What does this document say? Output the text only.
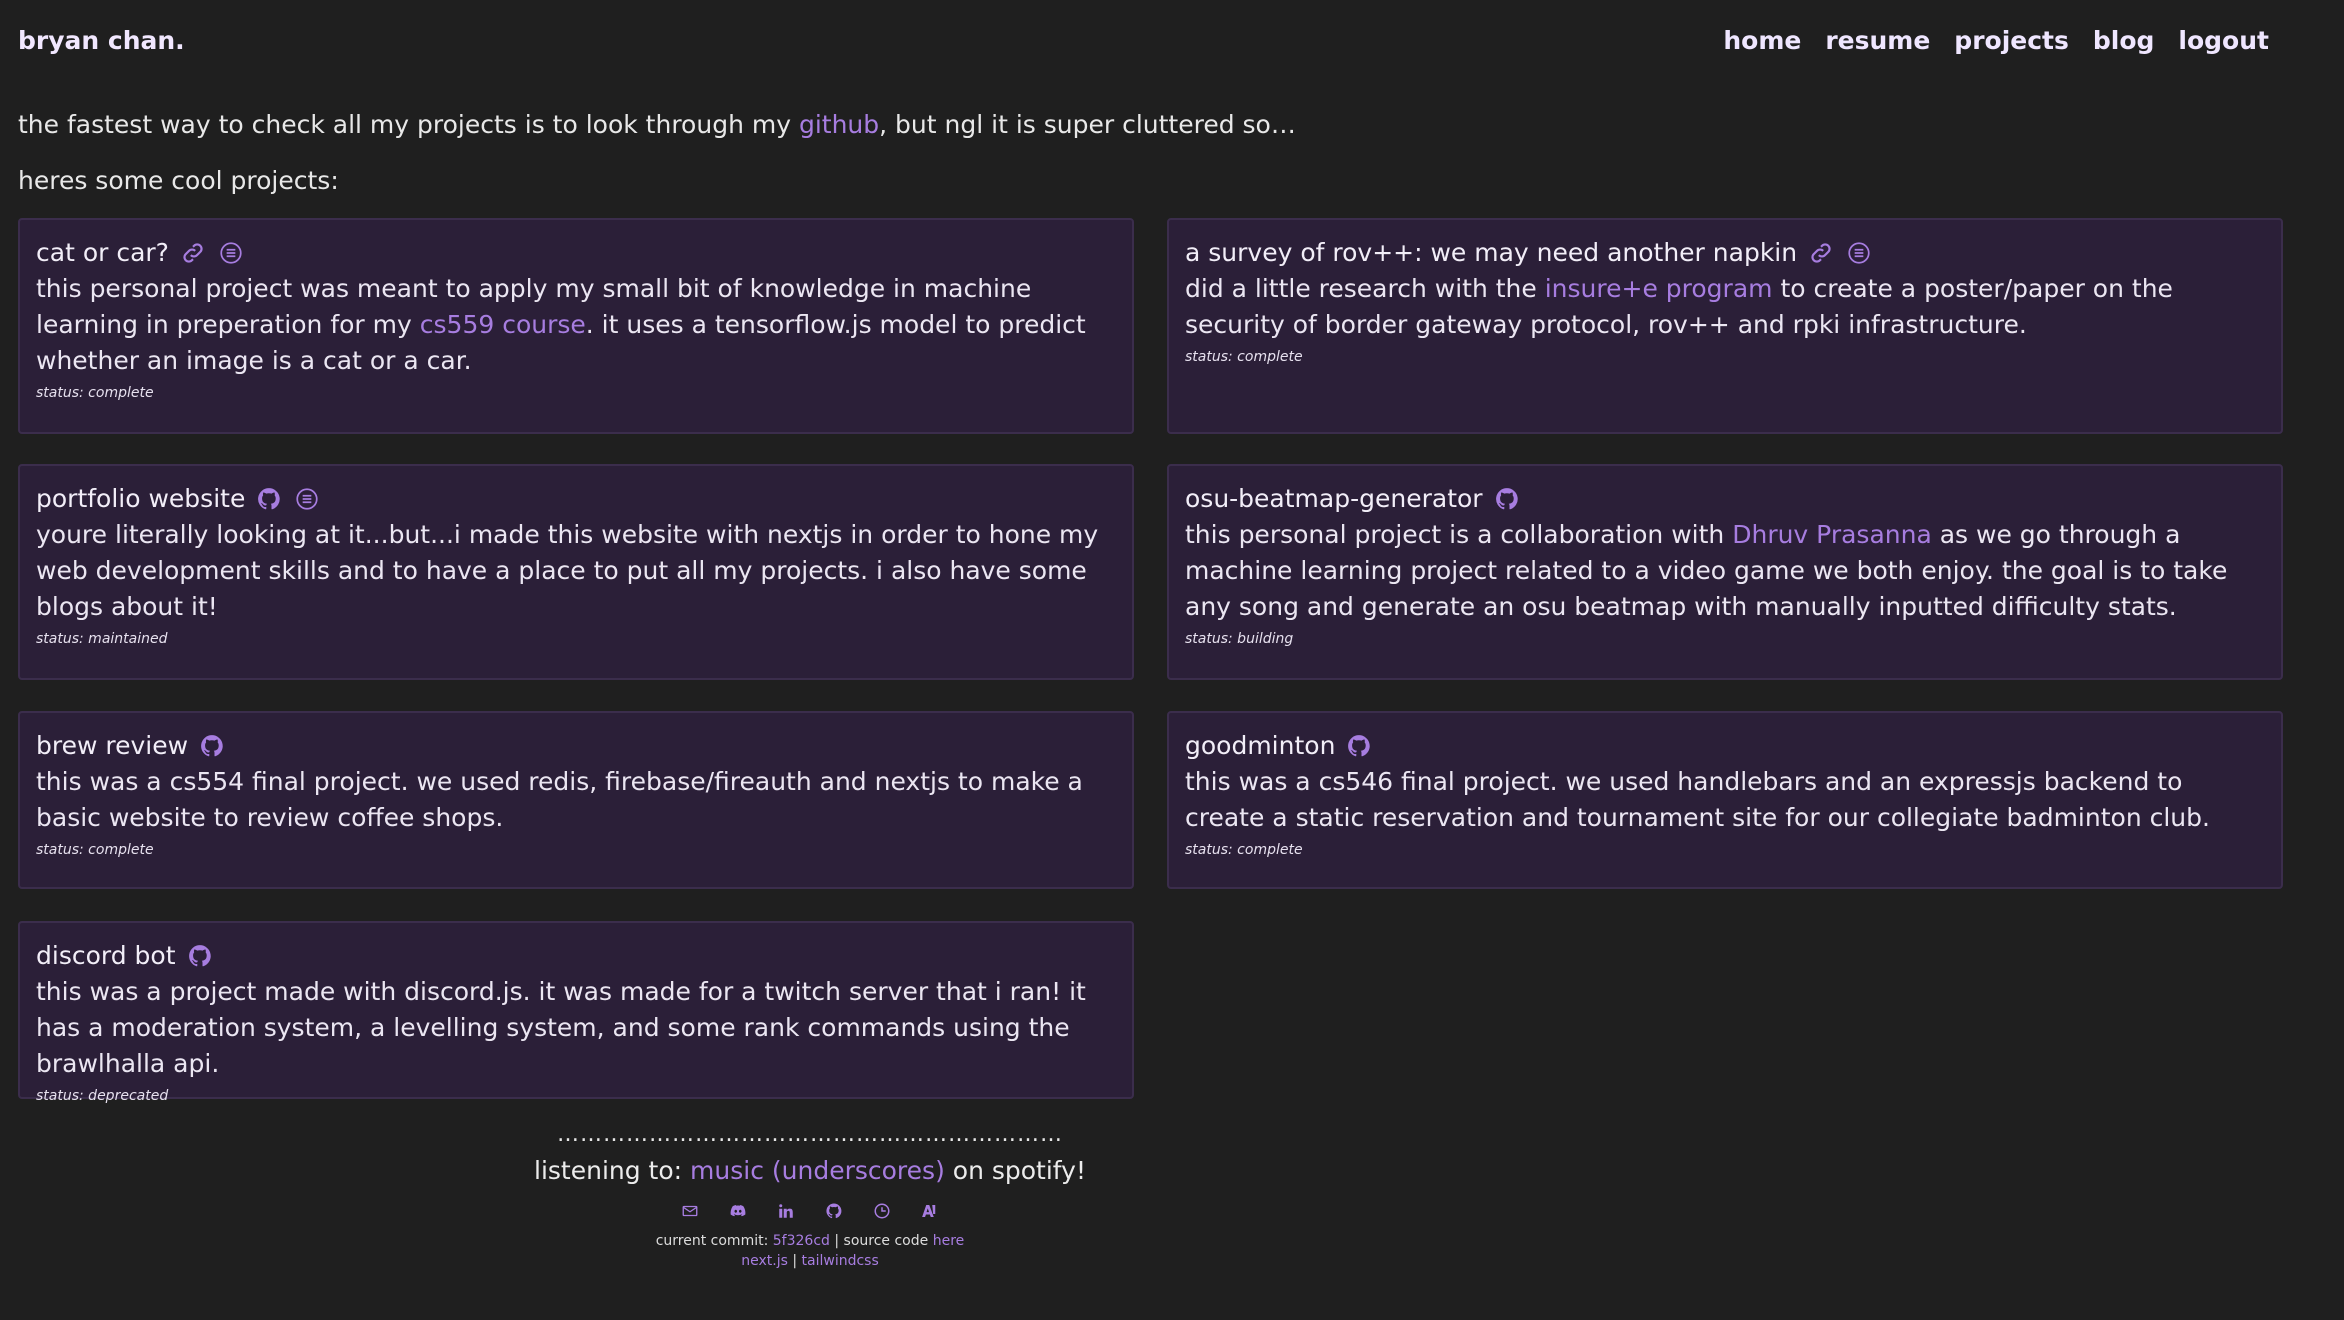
bryan chan.	home resume projects blog logout
the fastest way to check all my projects is to look through my github, but ngl it is super cluttered so…
heres some cool projects:
cat or car?
this personal project was meant to apply my small bit of knowledge in machine learning in preperation for my cs559 course. it uses a tensorflow.js model to predict whether an image is a cat or a car.
status: complete
a survey of rov++: we may need another napkin
did a little research with the insure+e program to create a poster/paper on the security of border gateway protocol, rov++ and rpki infrastructure.
status: complete
portfolio website
youre literally looking at it...but...i made this website with nextjs in order to hone my web development skills and to have a place to put all my projects. i also have some blogs about it!
status: maintained
osu-beatmap-generator
this personal project is a collaboration with Dhruv Prasanna as we go through a machine learning project related to a video game we both enjoy. the goal is to take any song and generate an osu beatmap with manually inputted difficulty stats.
status: building
brew review
this was a cs554 final project. we used redis, firebase/fireauth and nextjs to make a basic website to review coffee shops.
status: complete
goodminton
this was a cs546 final project. we used handlebars and an expressjs backend to create a static reservation and tournament site for our collegiate badminton club.
status: complete
discord bot
this was a project made with discord.js. it was made for a twitch server that i ran! it has a moderation system, a levelling system, and some rank commands using the brawlhalla api.
status: deprecated
…………………………………………………………
listening to: music (underscores) on spotify!
current commit: 5f326cd | source code here
next.js | tailwindcss
